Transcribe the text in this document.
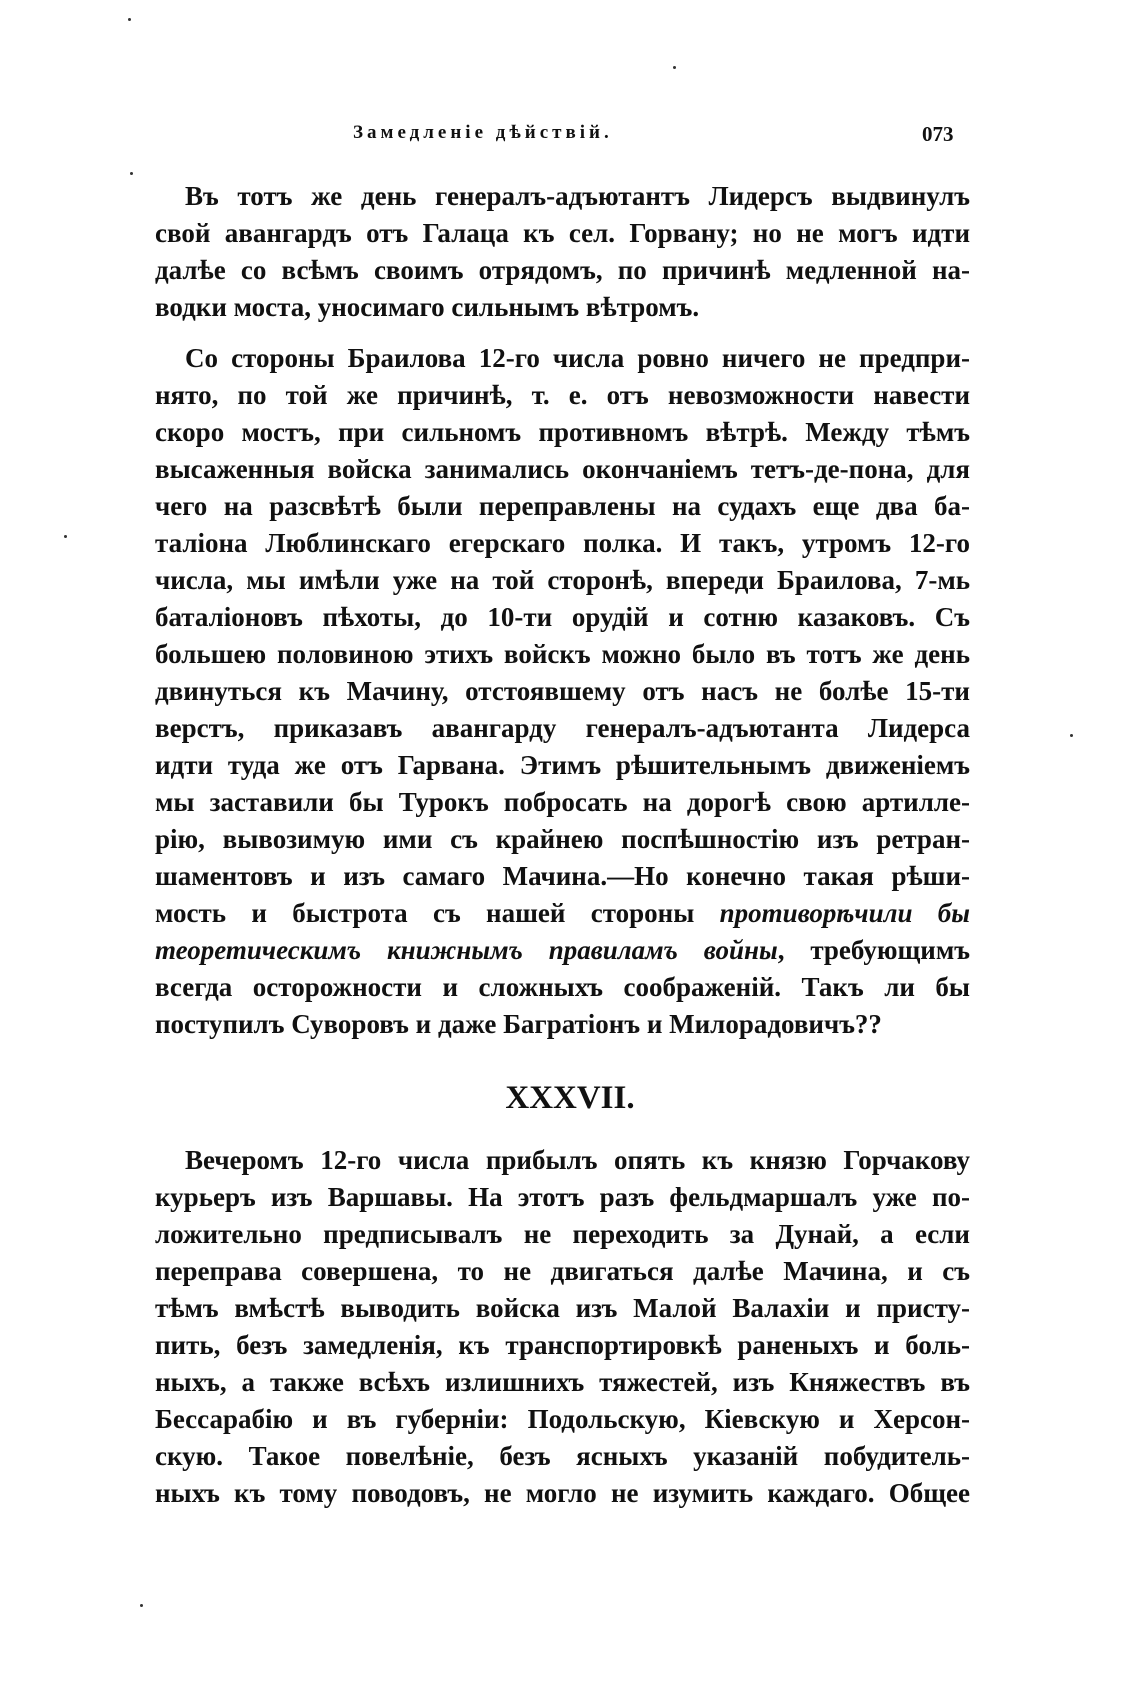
Замедленіе дѣйствій.	073
Въ тотъ же день генералъ-адъютантъ Лидерсъ выдвинулъ
свой авангардъ отъ Галаца къ сел. Горвану; но не могъ идти
далѣе со всѣмъ своимъ отрядомъ, по причинѣ медленной на-
водки моста, уносимаго сильнымъ вѣтромъ.
Со стороны Браилова 12-го числа ровно ничего не предпри-
нято, по той же причинѣ, т. е. отъ невозможности навести
скоро мостъ, при сильномъ противномъ вѣтрѣ. Между тѣмъ
высаженныя войска занимались окончаніемъ тетъ-де-пона, для
чего на разсвѣтѣ были переправлены на судахъ еще два ба-
таліона Люблинскаго егерскаго полка. И такъ, утромъ 12-го
числа, мы имѣли уже на той сторонѣ, впереди Браилова, 7-мь
баталіоновъ пѣхоты, до 10-ти орудій и сотню казаковъ. Съ
большею половиною этихъ войскъ можно было въ тотъ же день
двинуться къ Мачину, отстоявшему отъ насъ не болѣе 15-ти
верстъ, приказавъ авангарду генералъ-адъютанта Лидерса
идти туда же отъ Гарвана. Этимъ рѣшительнымъ движеніемъ
мы заставили бы Турокъ побросать на дорогѣ свою артилле-
рію, вывозимую ими съ крайнею поспѣшностію изъ ретран-
шаментовъ и изъ самаго Мачина.—Но конечно такая рѣши-
мость и быстрота съ нашей стороны противорѣчили бы
теоретическимъ книжнымъ правиламъ войны, требующимъ
всегда осторожности и сложныхъ соображеній. Такъ ли бы
поступилъ Суворовъ и даже Багратіонъ и Милорадовичъ??
XXXVII.
Вечеромъ 12-го числа прибылъ опять къ князю Горчакову
курьеръ изъ Варшавы. На этотъ разъ фельдмаршалъ уже по-
ложительно предписывалъ не переходить за Дунай, а если
переправа совершена, то не двигаться далѣе Мачина, и съ
тѣмъ вмѣстѣ выводить войска изъ Малой Валахіи и присту-
пить, безъ замедленія, къ транспортировкѣ раненыхъ и боль-
ныхъ, а также всѣхъ излишнихъ тяжестей, изъ Княжествъ въ
Бессарабію и въ губерніи: Подольскую, Кіевскую и Херсон-
скую. Такое повелѣніе, безъ ясныхъ указаній побудитель-
ныхъ къ тому поводовъ, не могло не изумить каждаго. Общее
